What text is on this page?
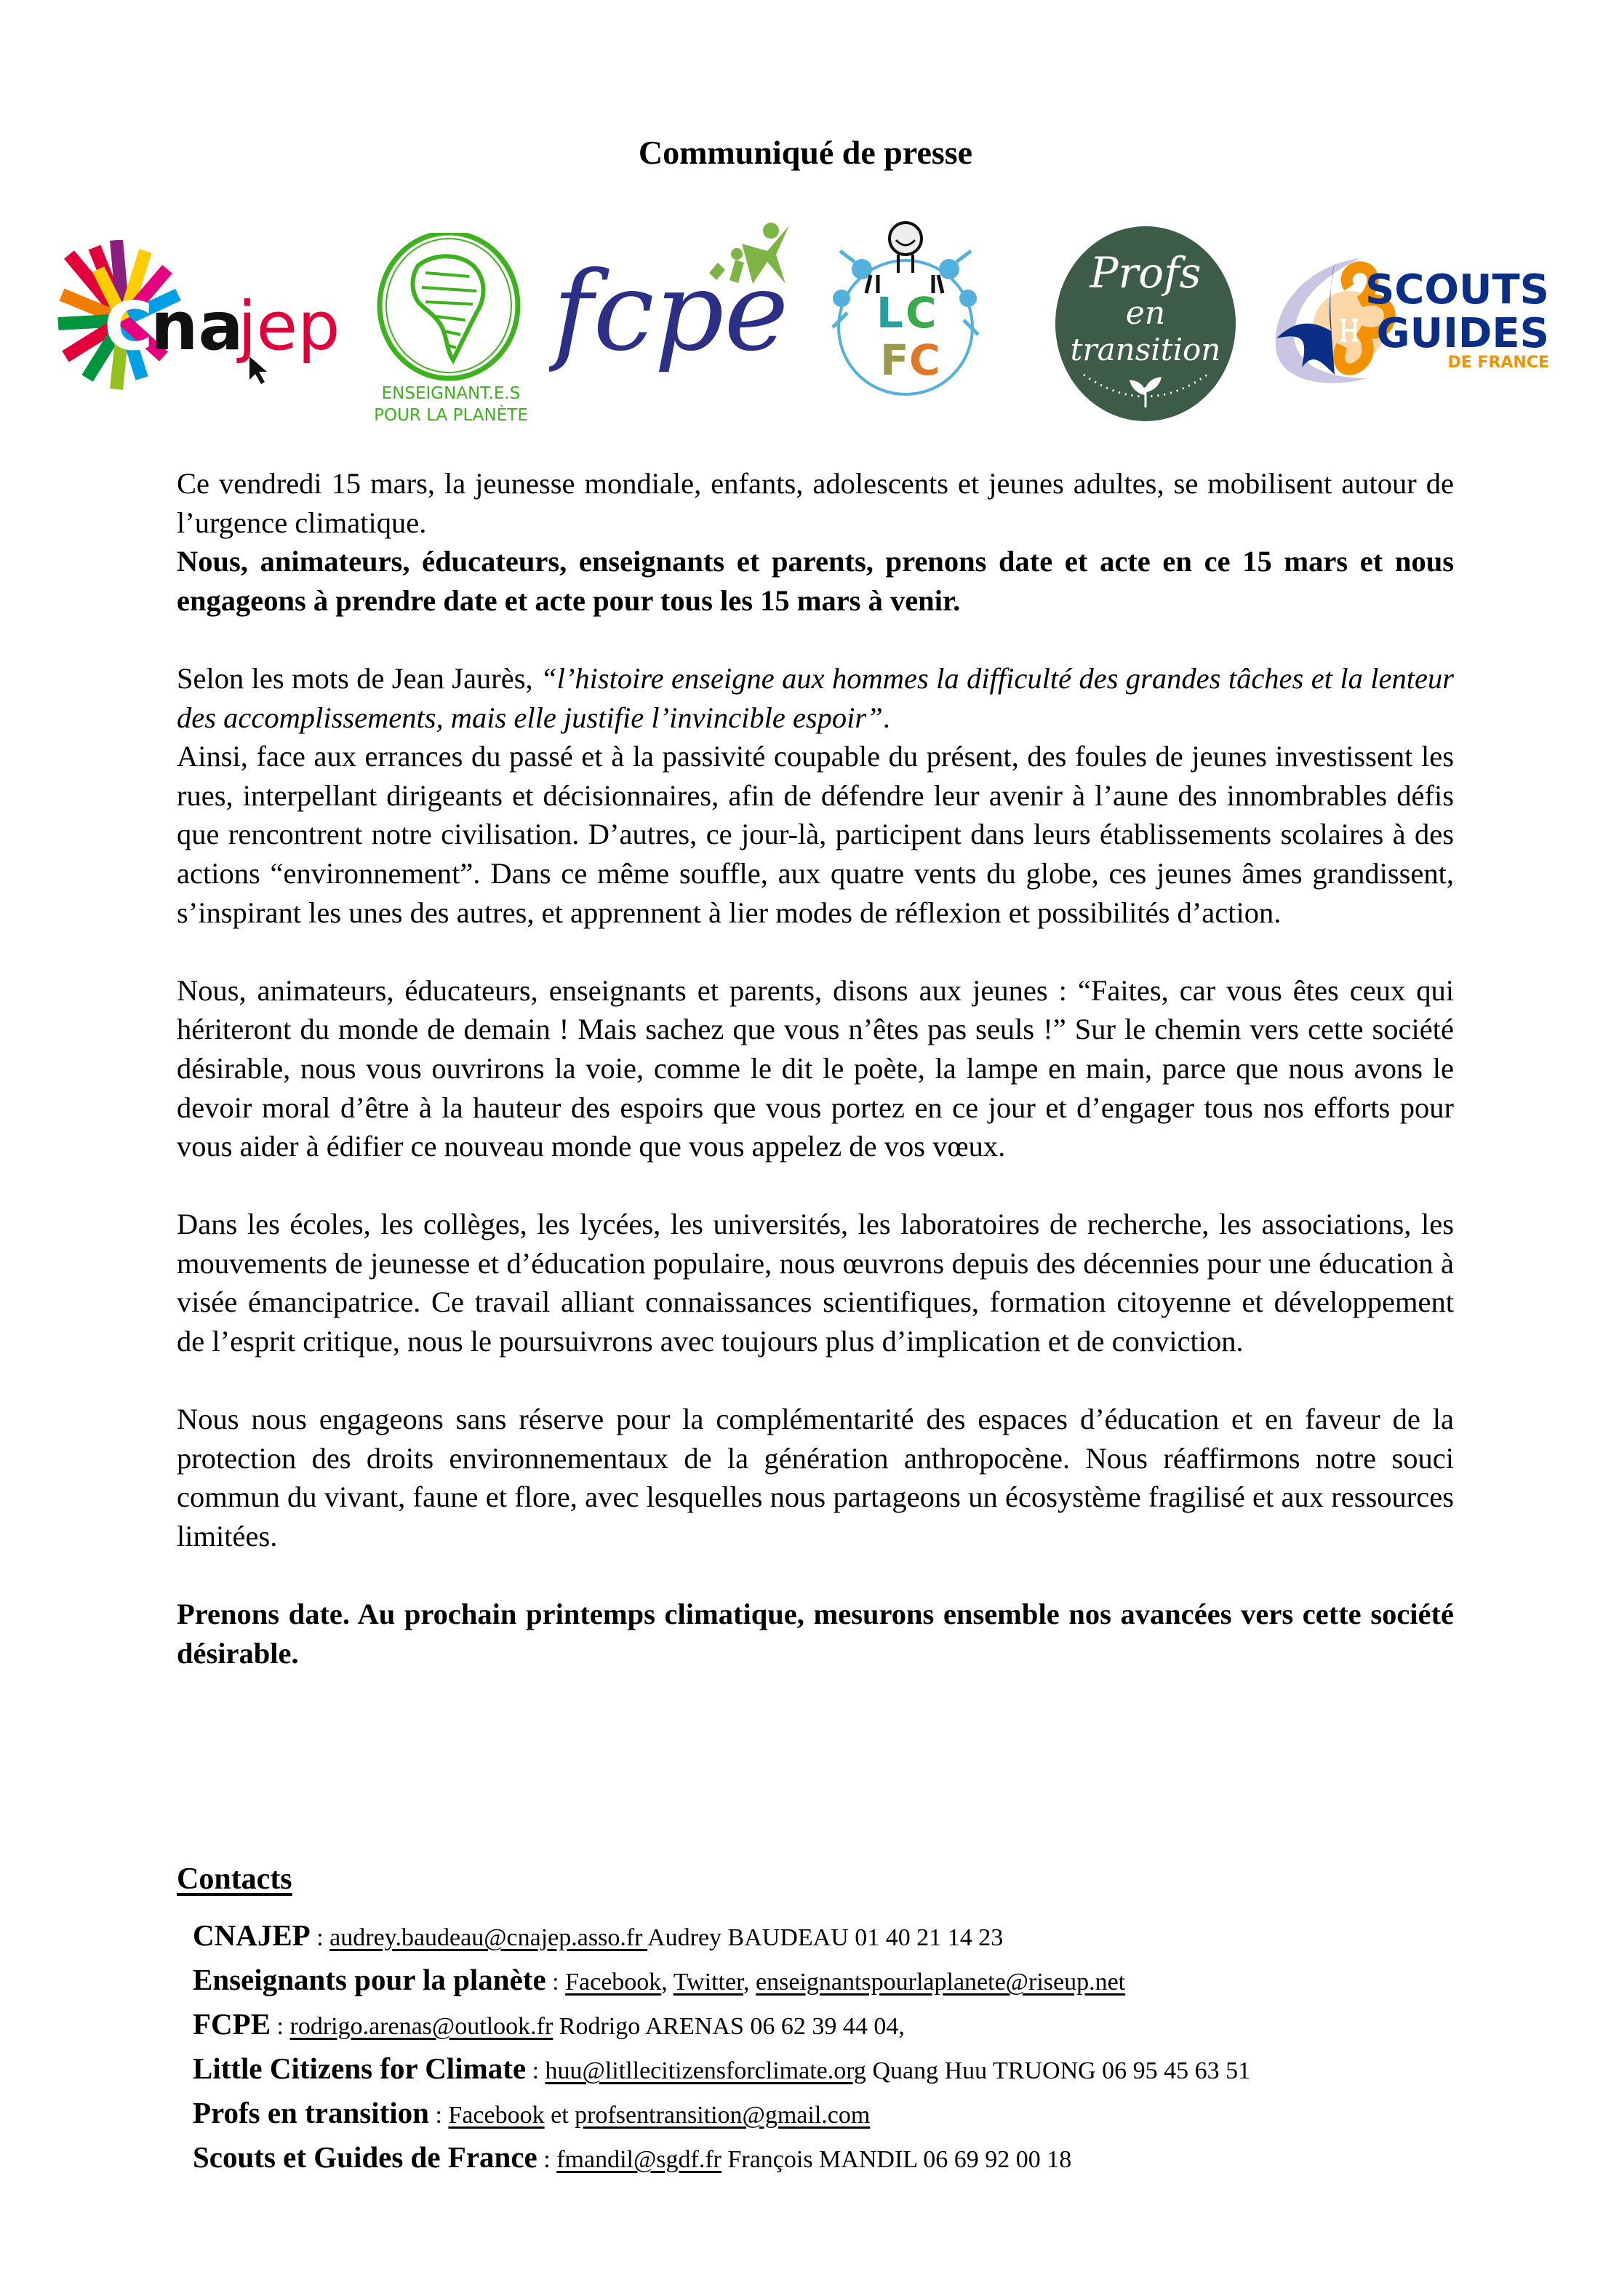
Communiqué de presse
C
na
jep
ENSEIGNANT.E.S
POUR LA PLANÈTE
fcpe L C
F C
Profs
en
transition
SCOUTS
GUIDES
DE FRANCE

Ce vendredi 15 mars, la jeunesse mondiale, enfants, adolescents et jeunes adultes, se mobilisent autour de l’urgence climatique.

Nous, animateurs, éducateurs, enseignants et parents, prenons date et acte en ce 15 mars et nous engageons à prendre date et acte pour tous les 15 mars à venir.

Selon les mots de Jean Jaurès, “l’histoire enseigne aux hommes la difficulté des grandes tâches et la lenteur des accomplissements, mais elle justifie l’invincible espoir”.

Ainsi, face aux errances du passé et à la passivité coupable du présent, des foules de jeunes investissent les rues, interpellant dirigeants et décisionnaires, afin de défendre leur avenir à l’aune des innombrables défis que rencontrent notre civilisation. D’autres, ce jour-là, participent dans leurs établissements scolaires à des actions “environnement”. Dans ce même souffle, aux quatre vents du globe, ces jeunes âmes grandissent, s’inspirant les unes des autres, et apprennent à lier modes de réflexion et possibilités d’action.

Nous, animateurs, éducateurs, enseignants et parents, disons aux jeunes : “Faites, car vous êtes ceux qui hériteront du monde de demain ! Mais sachez que vous n’êtes pas seuls !” Sur le chemin vers cette société désirable, nous vous ouvrirons la voie, comme le dit le poète, la lampe en main, parce que nous avons le devoir moral d’être à la hauteur des espoirs que vous portez en ce jour et d’engager tous nos efforts pour vous aider à édifier ce nouveau monde que vous appelez de vos vœux.

Dans les écoles, les collèges, les lycées, les universités, les laboratoires de recherche, les associations, les mouvements de jeunesse et d’éducation populaire, nous œuvrons depuis des décennies pour une éducation à visée émancipatrice. Ce travail alliant connaissances scientifiques, formation citoyenne et développement de l’esprit critique, nous le poursuivrons avec toujours plus d’implication et de conviction.

Nous nous engageons sans réserve pour la complémentarité des espaces d’éducation et en faveur de la protection des droits environnementaux de la génération anthropocène. Nous réaffirmons notre souci commun du vivant, faune et flore, avec lesquelles nous partageons un écosystème fragilisé et aux ressources limitées.

Prenons date. Au prochain printemps climatique, mesurons ensemble nos avancées vers cette société désirable.

Contacts
CNAJEP : audrey.baudeau@cnajep.asso.fr Audrey BAUDEAU 01 40 21 14 23
Enseignants pour la planète : Facebook, Twitter, enseignantspourlaplanete@riseup.net
FCPE : rodrigo.arenas@outlook.fr Rodrigo ARENAS 06 62 39 44 04,
Little Citizens for Climate : huu@litllecitizensforclimate.org Quang Huu TRUONG 06 95 45 63 51
Profs en transition : Facebook et profsentransition@gmail.com
Scouts et Guides de France : fmandil@sgdf.fr François MANDIL 06 69 92 00 18
